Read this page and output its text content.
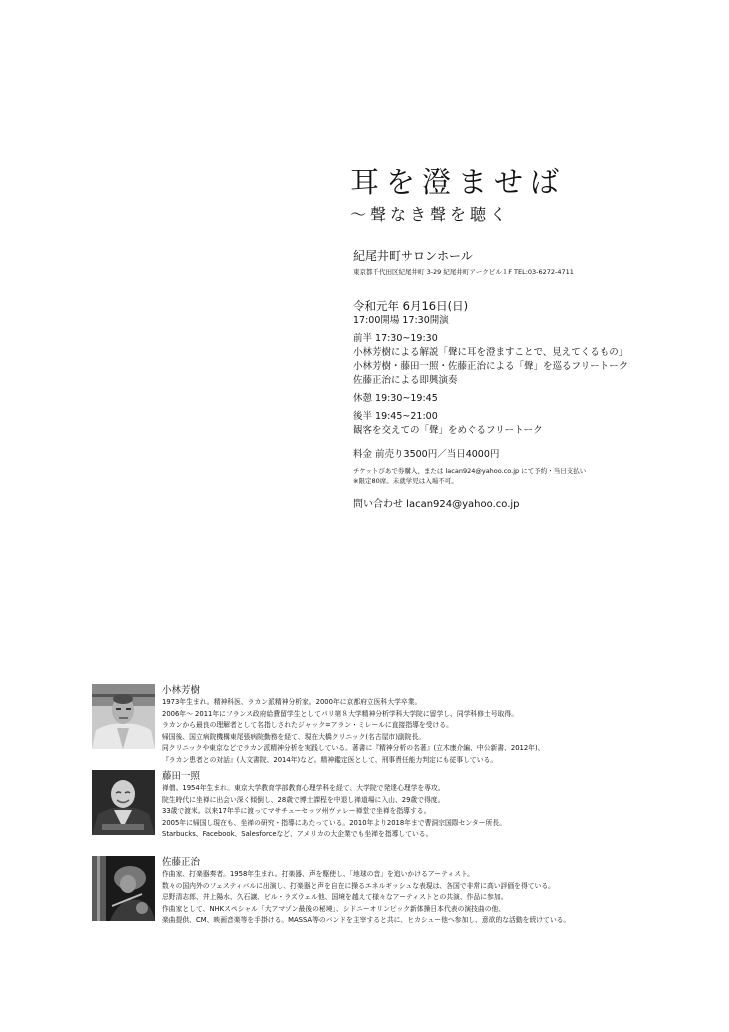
耳を澄ませば
〜聲なき聲を聴く
紀尾井町サロンホール
東京都千代田区紀尾井町 3-29 紀尾井町アークビル１F TEL:03-6272-4711
令和元年 6月16日(日)
17:00開場 17:30開演
前半 17:30~19:30
小林芳樹による解説「聲に耳を澄ますことで、見えてくるもの」
小林芳樹・藤田一照・佐藤正治による「聲」を巡るフリートーク
佐藤正治による即興演奏
休憩 19:30~19:45
後半 19:45~21:00
観客を交えての「聲」をめぐるフリートーク
料金 前売り3500円／当日4000円
チケットぴあで券購入、または lacan924@yahoo.co.jp にて予約・当日支払い
※限定80席。未就学児は入場不可。
問い合わせ lacan924@yahoo.co.jp
小林芳樹
1973年生まれ。精神科医、ラカン派精神分析家。2000年に京都府立医科大学卒業。
2006年〜 2011年にフランス政府給費留学生としてパリ第８大学精神分析学科大学院に留学し、同学科修士号取得。
ラカンから最良の理解者として名指しされたジャック=アラン・ミレールに直接指導を受ける。
帰国後、国立病院機構東尾張病院勤務を経て、現在大橋クリニック(名古屋市)副院長。
同クリニックや東京などでラカン派精神分析を実践している。著書に『精神分析の名著』(立木康介編、中公新書、2012年)、
『ラカン患者との対話』(人文書院、2014年)など。精神鑑定医として、刑事責任能力判定にも従事している。
藤田一照
禅僧。1954年生まれ。東京大学教育学部教育心理学科を経て、大学院で発達心理学を専攻。
院生時代に坐禅に出会い深く傾倒し、28歳で博士課程を中退し禅道場に入山、29歳で得度。
33歳で渡米。以来17年半に渡ってマサチューセッツ州ヴァレー禅堂で坐禅を指導する。
2005年に帰国し現在も、坐禅の研究・指導にあたっている。2010年より2018年まで曹洞宗国際センター所長。
Starbucks、Facebook、Salesforceなど、アメリカの大企業でも坐禅を指導している。
佐藤正治
作曲家、打楽器奏者。1958年生まれ。打楽器、声を駆使し、「地球の音」を追いかけるアーティスト。
数々の国内外のフェスティバルに出演し、打楽器と声を自在に操るエネルギッシュな表現は、各国で非常に高い評価を得ている。
忌野清志郎、井上陽水、久石譲、ビル・ラズウェル他、国境を越えて様々なアーティストとの共演、作品に参加。
作曲家として、NHKスペシャル「大アマゾン最後の秘境」、シドニーオリンピック新体操日本代表の演技曲の他、
楽曲提供、CM、映画音楽等を手掛ける。MASSA等のバンドを主宰すると共に、ヒカシュー他へ参加し、意欲的な活動を続けている。
